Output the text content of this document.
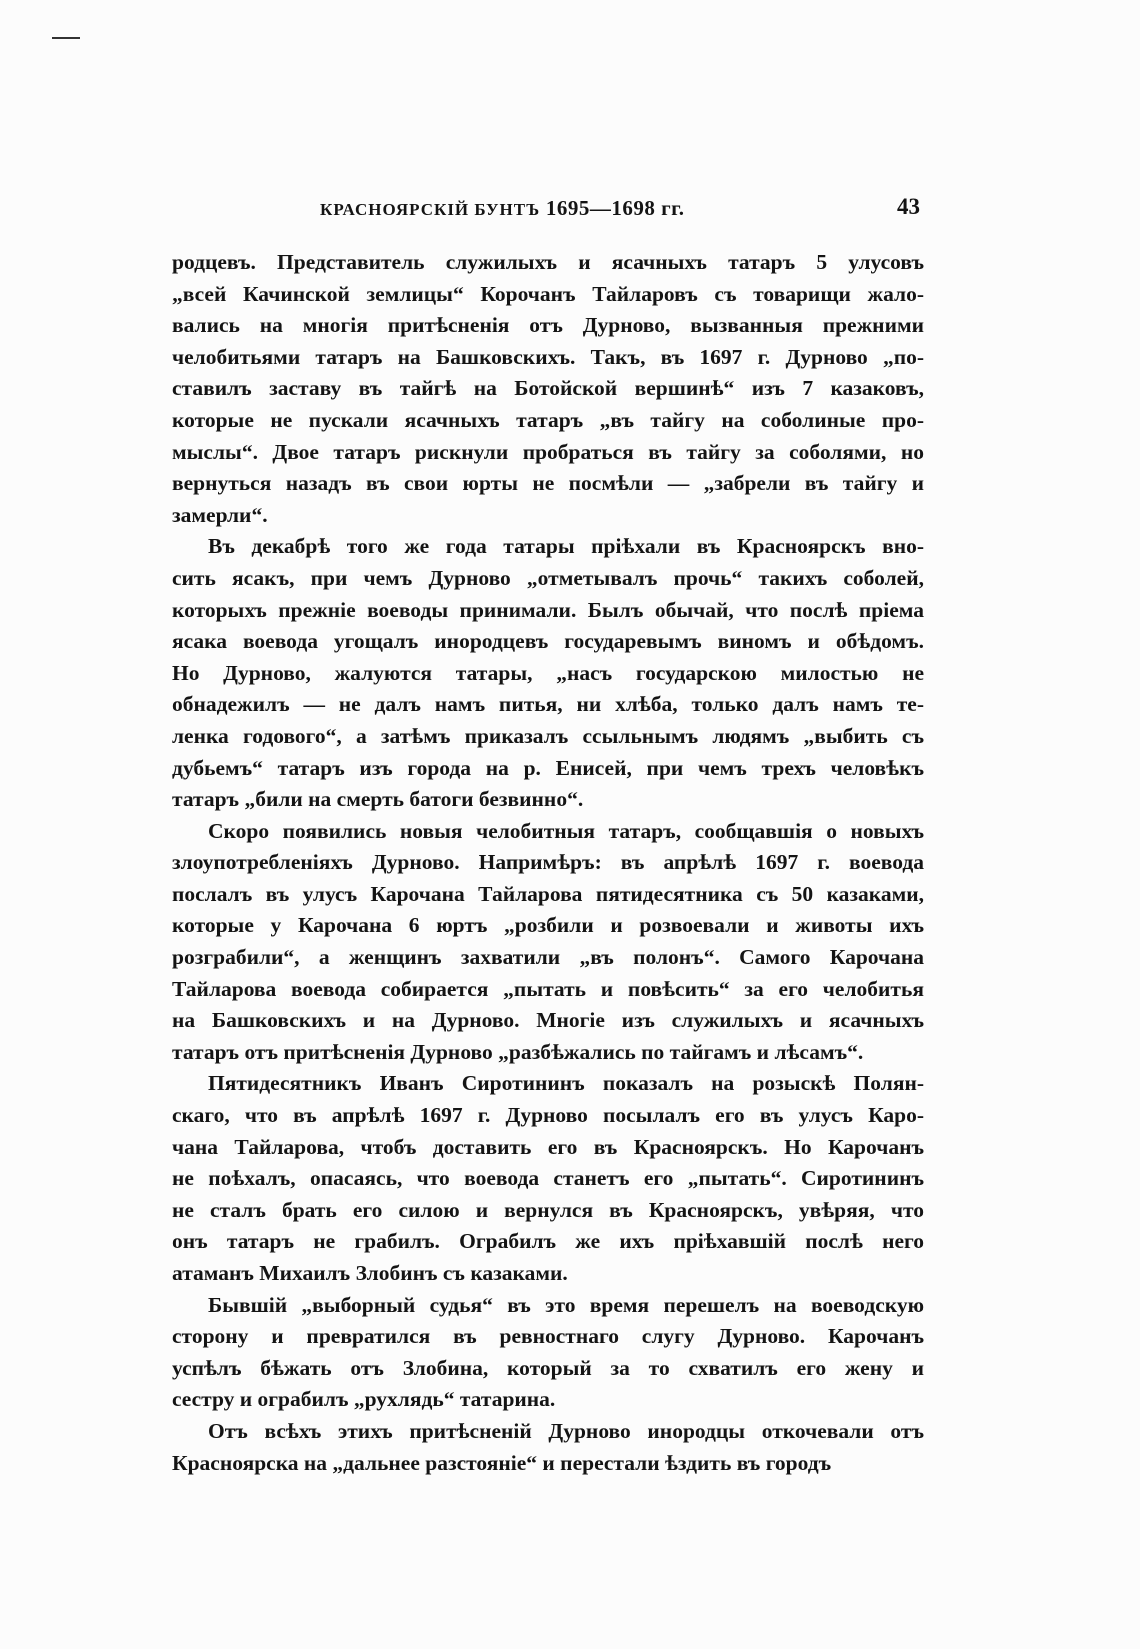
КРАСНОЯРСКІЙ БУНТЪ 1695—1698 гг.	43
родцевъ. Представитель служилыхъ и ясачныхъ татаръ 5 улусовъ
„всей Качинской землицы“ Корочанъ Тайларовъ съ товарищи жало-
вались на многія притѣсненія отъ Дурново, вызванныя прежними
челобитьями татаръ на Башковскихъ. Такъ, въ 1697 г. Дурново „по-
ставилъ заставу въ тайгѣ на Ботойской вершинѣ“ изъ 7 казаковъ,
которые не пускали ясачныхъ татаръ „въ тайгу на соболиные про-
мыслы“. Двое татаръ рискнули пробраться въ тайгу за соболями, но
вернуться назадъ въ свои юрты не посмѣли — „забрели въ тайгу и
замерли“.
Въ декабрѣ того же года татары пріѣхали въ Красноярскъ вно-
сить ясакъ, при чемъ Дурново „отметывалъ прочь“ такихъ соболей,
которыхъ прежніе воеводы принимали. Былъ обычай, что послѣ пріема
ясака воевода угощалъ инородцевъ государевымъ виномъ и обѣдомъ.
Но Дурново, жалуются татары, „насъ государскою милостью не
обнадежилъ — не далъ намъ питья, ни хлѣба, только далъ намъ те-
ленка годового“, а затѣмъ приказалъ ссыльнымъ людямъ „выбить съ
дубьемъ“ татаръ изъ города на р. Енисей, при чемъ трехъ человѣкъ
татаръ „били на смерть батоги безвинно“.
Скоро появились новыя челобитныя татаръ, сообщавшія о новыхъ
злоупотребленіяхъ Дурново. Напримѣръ: въ апрѣлѣ 1697 г. воевода
послалъ въ улусъ Карочана Тайларова пятидесятника съ 50 казаками,
которые у Карочана 6 юртъ „розбили и розвоевали и животы ихъ
розграбили“, а женщинъ захватили „въ полонъ“. Самого Карочана
Тайларова воевода собирается „пытать и повѣсить“ за его челобитья
на Башковскихъ и на Дурново. Многіе изъ служилыхъ и ясачныхъ
татаръ отъ притѣсненія Дурново „разбѣжались по тайгамъ и лѣсамъ“.
Пятидесятникъ Иванъ Сиротининъ показалъ на розыскѣ Полян-
скаго, что въ апрѣлѣ 1697 г. Дурново посылалъ его въ улусъ Каро-
чана Тайларова, чтобъ доставить его въ Красноярскъ. Но Карочанъ
не поѣхалъ, опасаясь, что воевода станетъ его „пытать“. Сиротининъ
не сталъ брать его силою и вернулся въ Красноярскъ, увѣряя, что
онъ татаръ не грабилъ. Ограбилъ же ихъ пріѣхавшій послѣ него
атаманъ Михаилъ Злобинъ съ казаками.
Бывшій „выборный судья“ въ это время перешелъ на воеводскую
сторону и превратился въ ревностнаго слугу Дурново. Карочанъ
успѣлъ бѣжать отъ Злобина, который за то схватилъ его жену и
сестру и ограбилъ „рухлядь“ татарина.
Отъ всѣхъ этихъ притѣсненій Дурново инородцы откочевали отъ
Красноярска на „дальнее разстояніе“ и перестали ѣздить въ городъ
